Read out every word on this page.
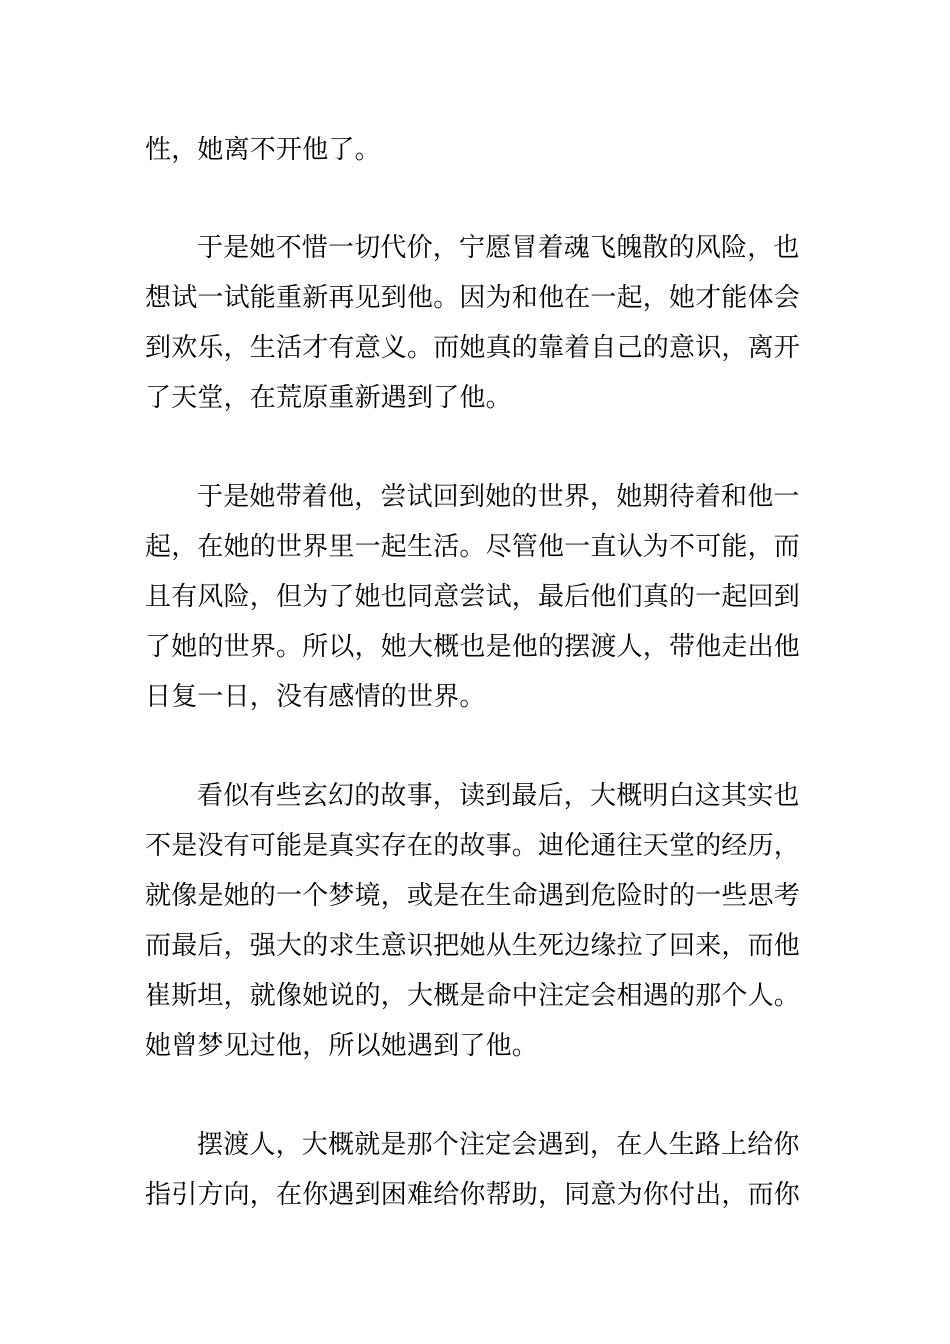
性，她离不开他了。
于是她不惜一切代价，宁愿冒着魂飞魄散的风险，也
想试一试能重新再见到他。因为和他在一起，她才能体会
到欢乐，生活才有意义。而她真的靠着自己的意识，离开
了天堂，在荒原重新遇到了他。
于是她带着他，尝试回到她的世界，她期待着和他一
起，在她的世界里一起生活。尽管他一直认为不可能，而
且有风险，但为了她也同意尝试，最后他们真的一起回到
了她的世界。所以，她大概也是他的摆渡人，带他走出他
日复一日，没有感情的世界。
看似有些玄幻的故事，读到最后，大概明白这其实也
不是没有可能是真实存在的故事。迪伦通往天堂的经历，
就像是她的一个梦境，或是在生命遇到危险时的一些思考
而最后，强大的求生意识把她从生死边缘拉了回来，而他
崔斯坦，就像她说的，大概是命中注定会相遇的那个人。
她曾梦见过他，所以她遇到了他。
摆渡人，大概就是那个注定会遇到，在人生路上给你
指引方向，在你遇到困难给你帮助，同意为你付出，而你
